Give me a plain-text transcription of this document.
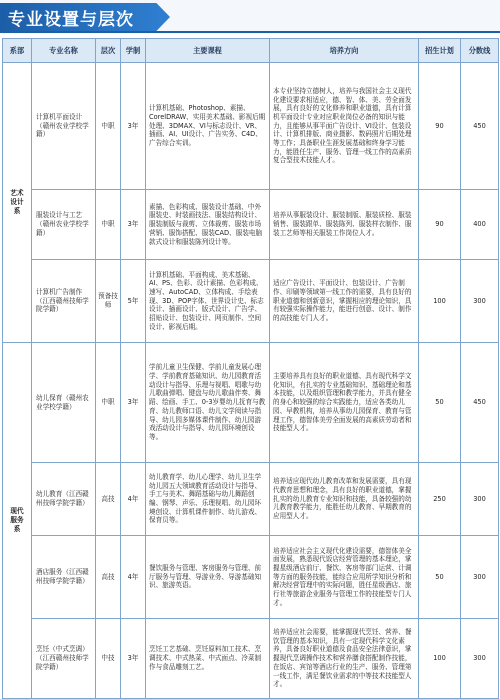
专业设置与层次
系部	专业名称	层次	学制	主要课程	培养方向	招生计划	分数线

艺术设计系	计算机平面设计（赣州农业学校学籍）	中职	3年	计算机基础、Photoshop、素描、CorelDRAW、实用美术基础、影视后期处理、3DMAX、VI与标志设计、VR、插画、AI、UI设计、广告实务、C4D、广告综合实训。	本专业坚持立德树人，培养与我国社会主义现代化建设要求相适应，德、智、体、美、劳全面发展，具有良好的文化修养和职业道德，具有计算机平面设计专业对应职业岗位必备的知识与能力，且能够从事平面广告设计、VI设计、包装设计、计算机排版、商业摄影、数码照片后期处理等工作；具备职业生涯发展基础和终身学习能力，能胜任生产、服务、管理一线工作的高素质复合型技术技能人才。	90	450
	服装设计与工艺（赣州农业学校学籍）	中职	3年	素描、色彩构成、服装设计基础、中外服装史、时装画技法、服装结构设计、服装制版与裁剪、立体裁剪、服装市场营销、服饰搭配、服装CAD、服装电脑款式设计和服装陈列设计等。	培养从事服装设计、服装制版、服装质检、服装销售、服装跟单、服装陈列、服装样衣制作、服装工艺师等相关服装工作岗位人才。	90	400
	计算机广告制作（江西赣州技师学院学籍）	预备技师	5年	计算机基础、平面构成、美术基础、AI、PS、色彩、设计素描、色彩构成、速写、AutoCAD、立体构成、手绘表现、3D、POP字体、世界设计史、标志设计、插画设计、版式设计、广告学、招贴设计、包装设计、网页制作、空间设计、影视后期。	适应广告设计、平面设计、包装设计、广告制作、印刷等领域第一线工作的需要，具有良好的职业道德和创新意识，掌握相应的理论知识，具有较强实际操作能力，能进行创意、设计、制作的高技能专门人才。	100	300

现代服务系	幼儿保育（赣州农业学校学籍）	中职	3年	学前儿童卫生保健、学前儿童发展心理学、学前教育基础知识、幼儿园教育活动设计与指导、乐理与视唱、唱歌与幼儿歌曲弹唱、键盘与幼儿歌曲伴奏、舞蹈、绘画、手工、0-3岁婴幼儿抚育与教育、幼儿教师口语、幼儿文学阅读与指导、幼儿园多媒体课件制作、幼儿园游戏活动设计与指导、幼儿园环境创设等。	主要培养具有良好的职业道德、具有现代科学文化知识，有扎实的专业基础知识、基础理论和基本技能，以及组织管理和教学能力，并具有健全的身心和较强的综合实践能力，适应各类幼儿园、早教机构，培养从事幼儿园保育、教育与管理工作，德智体美劳全面发展的高素质劳动者和技能型人才。	50	450
	幼儿教育（江西赣州技师学院学籍）	高技	4年	幼儿教育学、幼儿心理学、幼儿卫生学幼儿园五大领域教育活动设计与指导、手工与美术、舞蹈基础与幼儿舞蹈创编、钢琴、声乐、乐理视唱、幼儿园环境创设、计算机课件制作、幼儿游戏、保育员等。	培养适应现代幼儿教育改革和发展需要，具有现代教育思想和理念，具有良好的职业道德，掌握扎实的幼儿教育专业知识和技能，具备较强的幼儿教育教学能力，能胜任幼儿教育、早期教育的应用型人才。	250	300
	酒店服务（江西赣州技师学院学籍）	高技	4年	餐饮服务与管理、客房服务与管理、前厅服务与管理、导游业务、导游基础知识、旅游英语。	培养适应社会主义现代化建设需要，德智体美全面发展，熟悉现代饭店经营管理的基本理论，掌握星级酒店前厅、餐饮、客房等部门运营、计调等方面的服务技能，能综合应用所学知识分析和解决经营管理中的实际问题，胜任星级酒店、旅行社等旅游企业服务与管理工作的技能型专门人才。	50	300
	烹饪（中式烹调）（江西赣州技师学院学籍）	中技	3年	烹饪工艺基础、烹饪原料加工技术、烹调技术、中式热菜、中式面点、冷菜制作与食品雕刻工艺。	培养适应社会需要，能掌握现代烹饪、营养、餐饮管理的基本知识，具有一定现代科学文化素养，具备良好职业道德及食品安全法律意识，掌握现代烹调操作技术和营养膳食搭配制作技能，在饭店、宾馆等酒店行业的生产、服务、管理第一线工作，满足餐饮业需求的中等技术技能型人才。	100	300
